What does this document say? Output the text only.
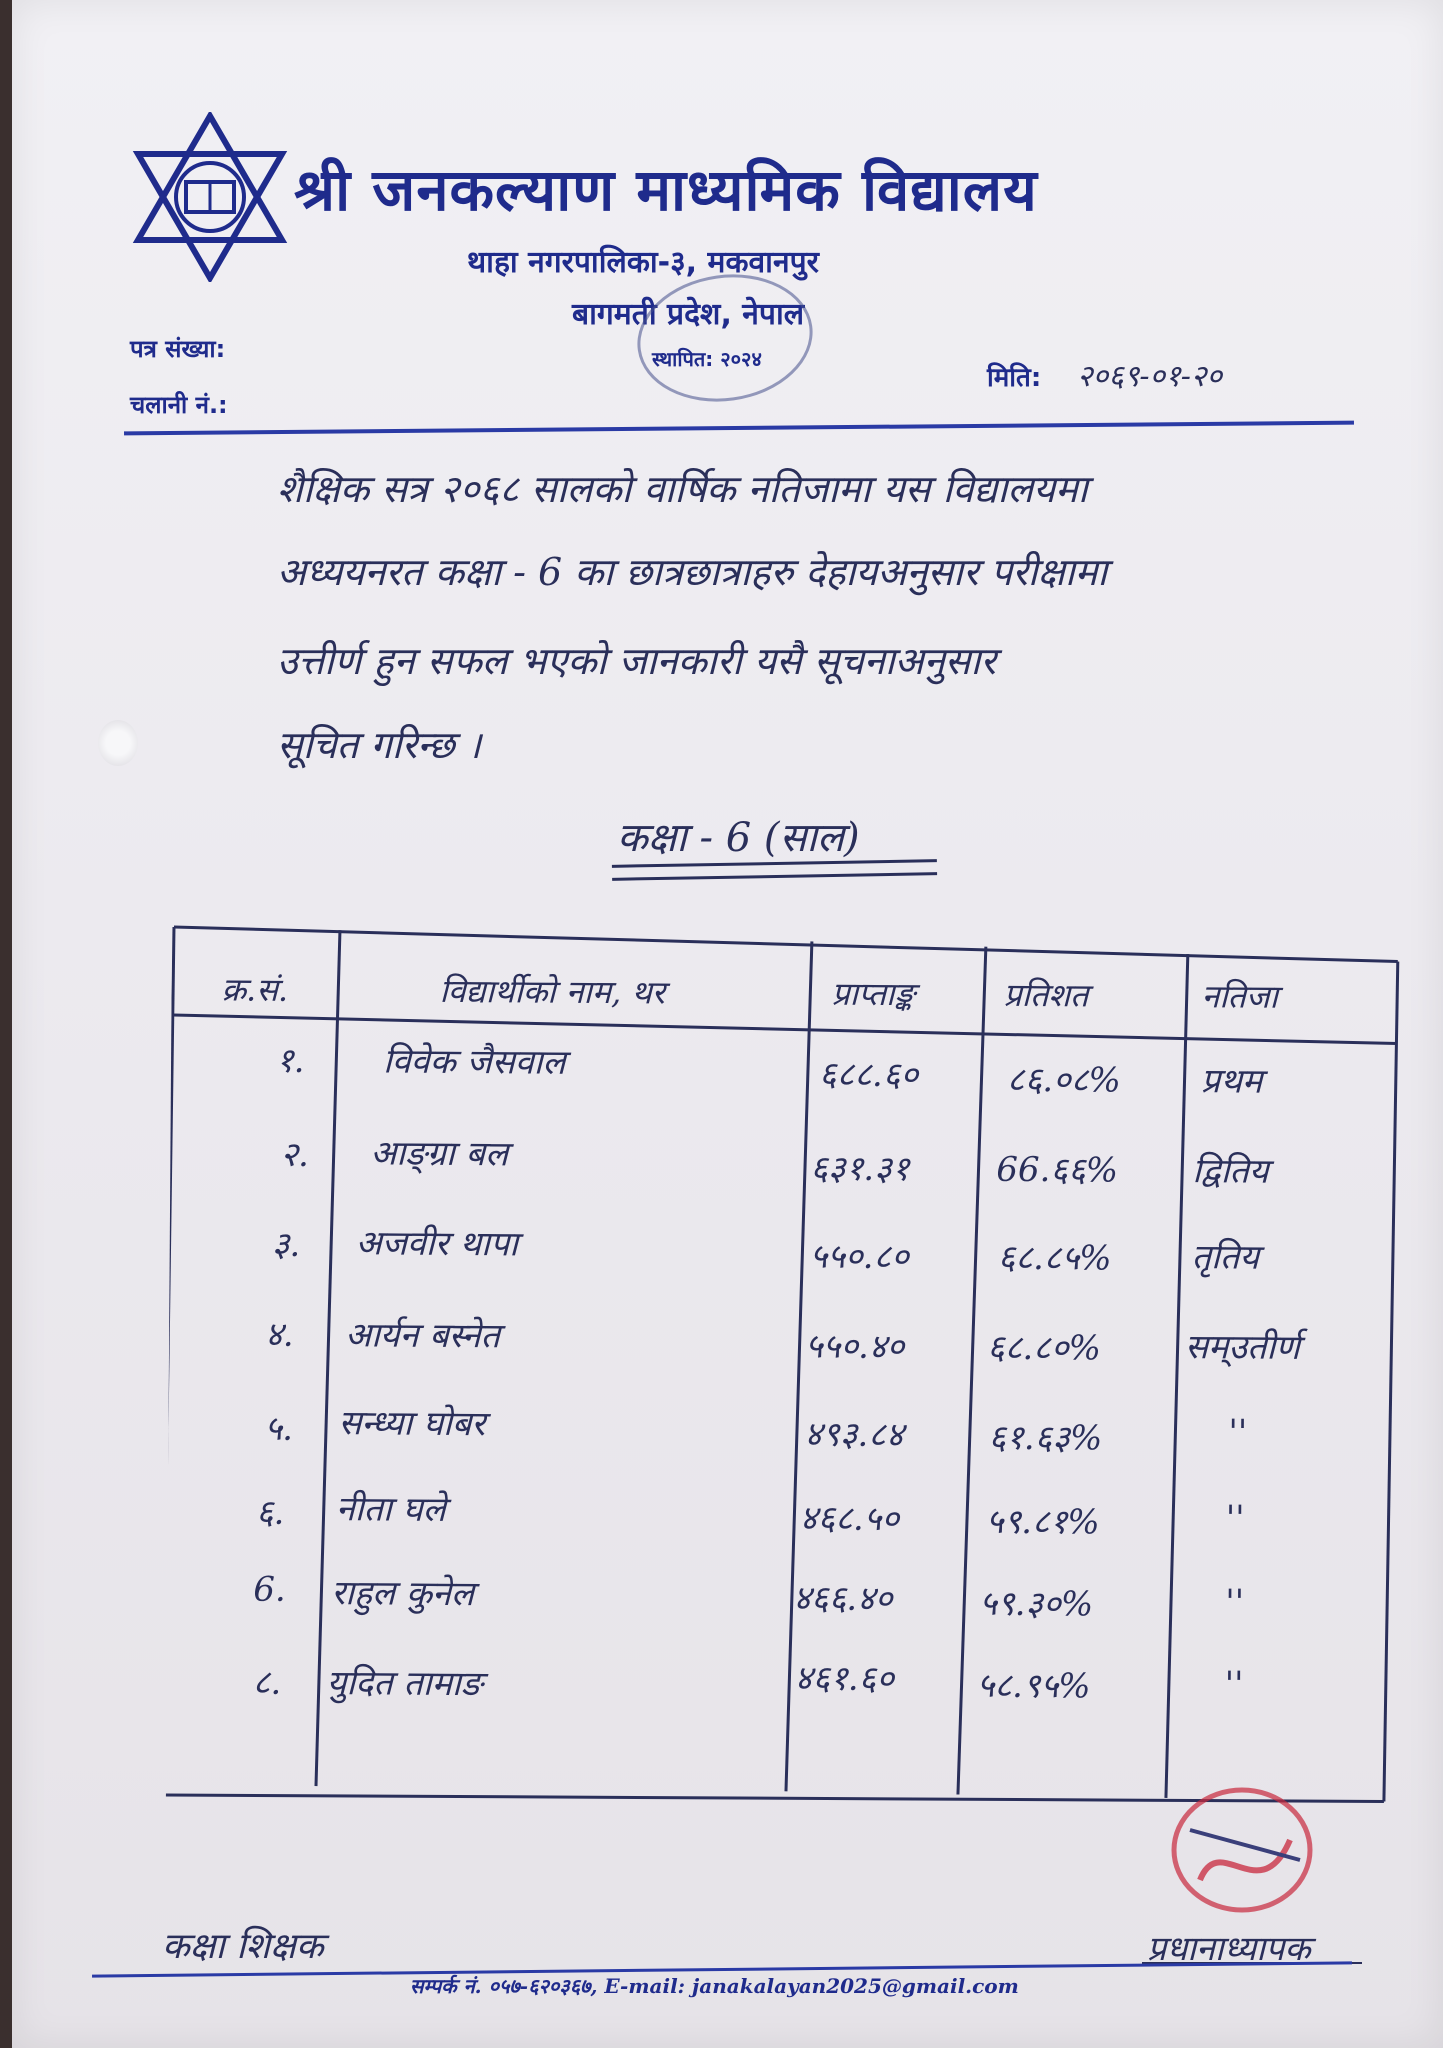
श्री जनकल्याण माध्यमिक विद्यालय
थाहा नगरपालिका-३, मकवानपुर
बागमती प्रदेश, नेपाल
स्थापित: २०२४
पत्र संख्या:
चलानी नं.:
मिति: २०६९-०१-२०
शैक्षिक सत्र २०६८ सालको वार्षिक नतिजामा यस विद्यालयमा
अध्ययनरत कक्षा - 6 का छात्रछात्राहरु देहायअनुसार परीक्षामा
उत्तीर्ण हुन सफल भएको जानकारी यसै सूचनाअनुसार
सूचित गरिन्छ ।
कक्षा - 6 (साल)
क्र.सं.	विद्यार्थीको नाम, थर	प्राप्ताङ्क	प्रतिशत	नतिजा
१. विवेक जैसवाल	६८८.६०	८६.०८% प्रथम
२. आङ्ग्रा बल	६३१.३१	66.६६% द्वितिय
३. अजवीर थापा	५५०.८०	६८.८५% तृतिय
४. आर्यन बस्नेत	५५०.४० ६८.८०% सम्उतीर्ण
५. सन्ध्या घोबर	४९३.८४ ६१.६३%	''
६. नीता घले	४६८.५०	५९.८१%	''
6. राहुल कुनेल	४६६.४०	५९.३०%	''
८. युदित तामाङ	४६१.६० ५८.९५%	''
कक्षा शिक्षक	प्रधानाध्यापक
सम्पर्क नं. ०५७-६२०३६७, E-mail: janakalayan2025@gmail.com
